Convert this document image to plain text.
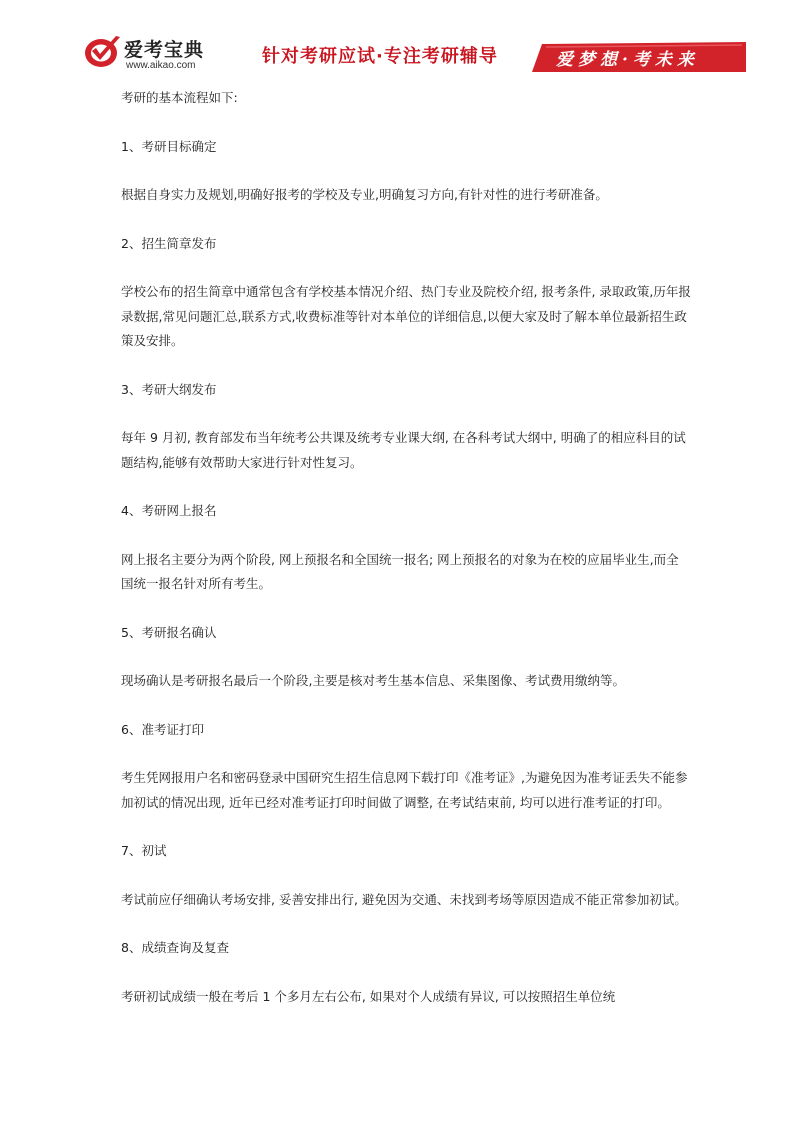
爱考宝典
www.aikao.com	针对考研应试·专注考研辅导	爱梦想·考未来

考研的基本流程如下:

1、考研目标确定

根据自身实力及规划,明确好报考的学校及专业,明确复习方向,有针对性的进行考研准备。

2、招生简章发布

学校公布的招生简章中通常包含有学校基本情况介绍、热门专业及院校介绍, 报考条件, 录取政策,历年报录数据,常见问题汇总,联系方式,收费标准等针对本单位的详细信息,以便大家及时了解本单位最新招生政策及安排。

3、考研大纲发布

每年 9 月初, 教育部发布当年统考公共课及统考专业课大纲, 在各科考试大纲中, 明确了的相应科目的试题结构,能够有效帮助大家进行针对性复习。

4、考研网上报名

网上报名主要分为两个阶段, 网上预报名和全国统一报名; 网上预报名的对象为在校的应届毕业生,而全国统一报名针对所有考生。

5、考研报名确认

现场确认是考研报名最后一个阶段,主要是核对考生基本信息、采集图像、考试费用缴纳等。

6、准考证打印

考生凭网报用户名和密码登录中国研究生招生信息网下载打印《准考证》,为避免因为准考证丢失不能参加初试的情况出现, 近年已经对准考证打印时间做了调整, 在考试结束前, 均可以进行准考证的打印。

7、初试

考试前应仔细确认考场安排, 妥善安排出行, 避免因为交通、未找到考场等原因造成不能正常参加初试。

8、成绩查询及复查

考研初试成绩一般在考后 1 个多月左右公布, 如果对个人成绩有异议, 可以按照招生单位统
